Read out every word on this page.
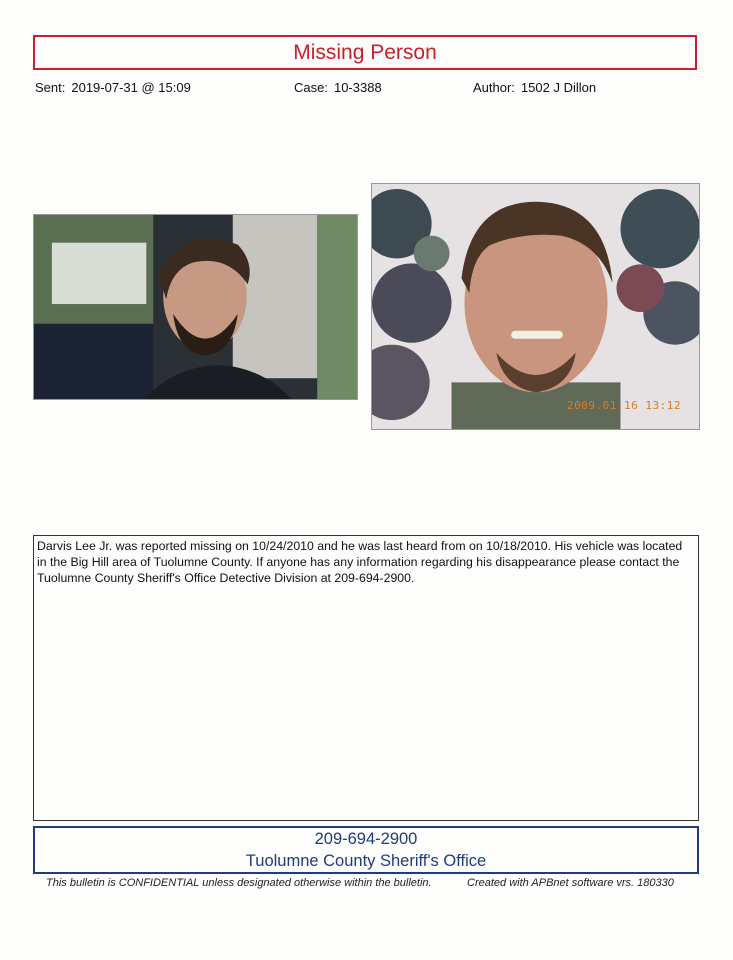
Missing Person
Sent: 2019-07-31 @ 15:09	Case: 10-3388	Author: 1502 J Dillon
2009.01.16 13:12
Darvis Lee Jr. was reported missing on 10/24/2010 and he was last heard from on 10/18/2010. His vehicle was located in the Big Hill area of Tuolumne County. If anyone has any information regarding his disappearance please contact the Tuolumne County Sheriff's Office Detective Division at 209-694-2900.
209-694-2900
Tuolumne County Sheriff's Office
This bulletin is CONFIDENTIAL unless designated otherwise within the bulletin.	Created with APBnet software vrs. 180330
